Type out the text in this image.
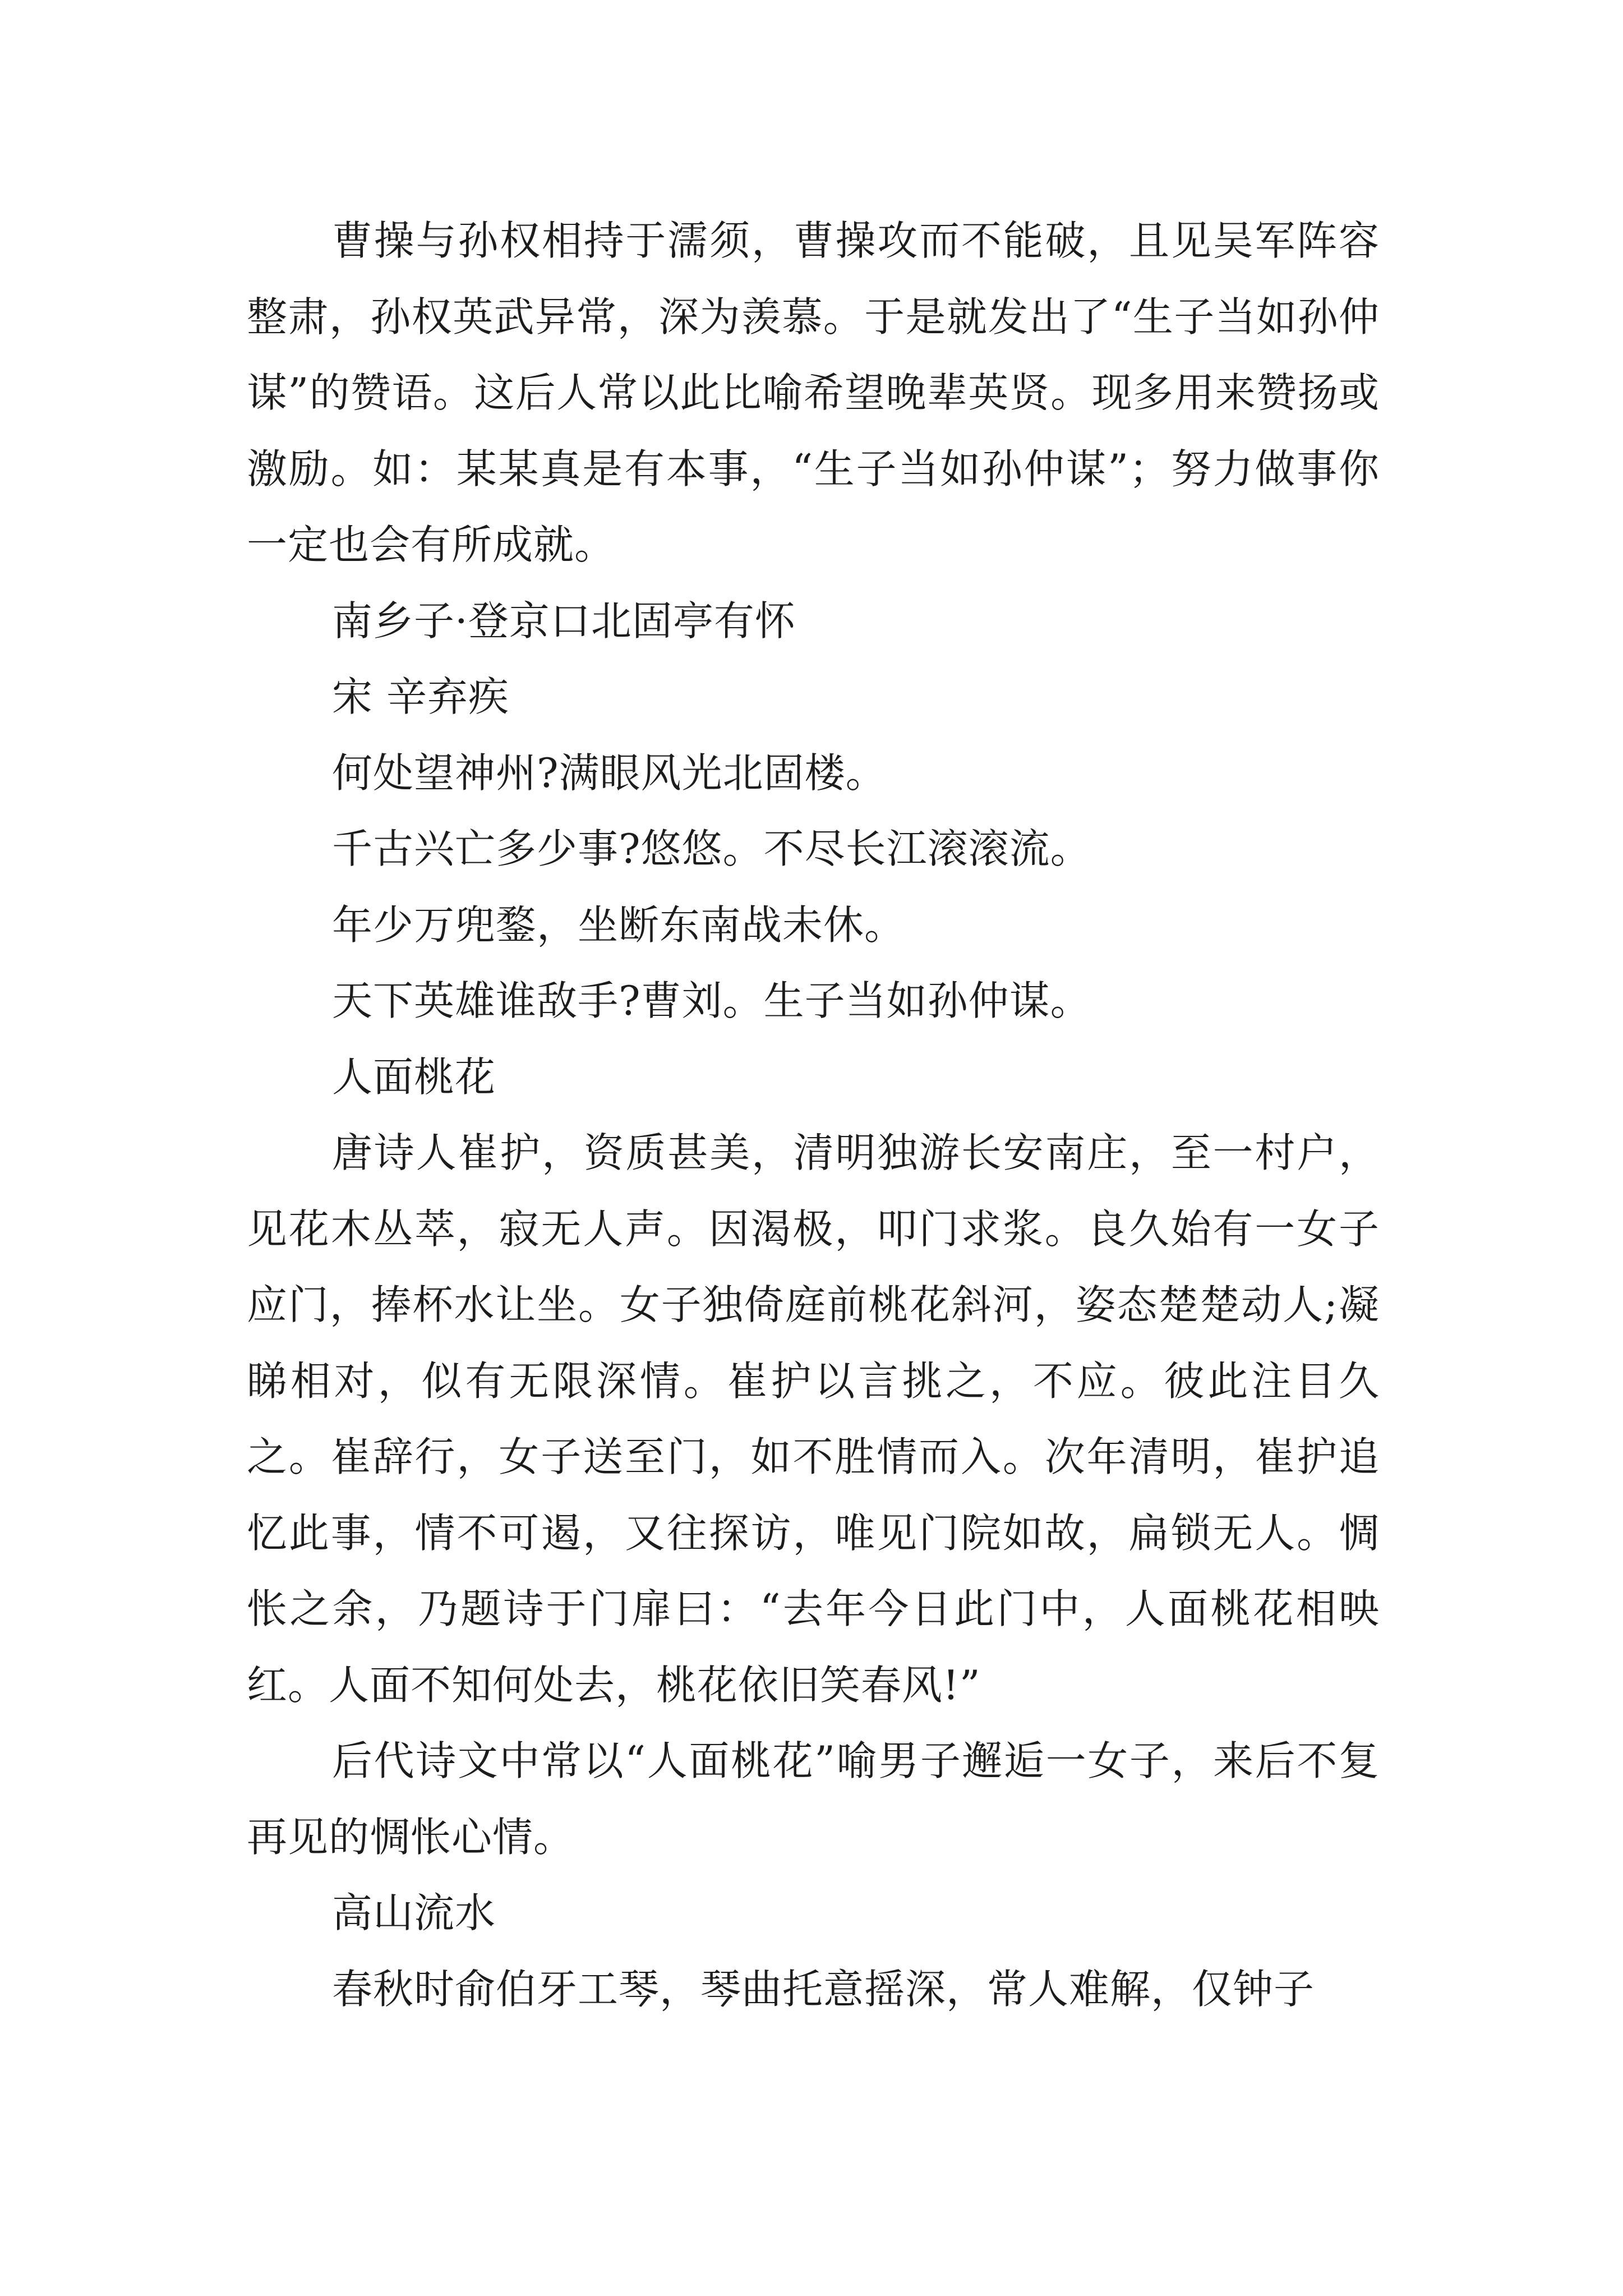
曹操与孙权相持于濡须，曹操攻而不能破，且见吴军阵容整肃，孙权英武异常，深为羡慕。于是就发出了“生子当如孙仲谋”的赞语。这后人常以此比喻希望晚辈英贤。现多用来赞扬或激励。如：某某真是有本事，“生子当如孙仲谋”；努力做事你一定也会有所成就。

南乡子·登京口北固亭有怀

宋 辛弃疾

何处望神州?满眼风光北固楼。

千古兴亡多少事?悠悠。不尽长江滚滚流。

年少万兜鍪，坐断东南战未休。

天下英雄谁敌手?曹刘。生子当如孙仲谋。

人面桃花

唐诗人崔护，资质甚美，清明独游长安南庄，至一村户，见花木丛萃，寂无人声。因渴极，叩门求浆。良久始有一女子应门，捧杯水让坐。女子独倚庭前桃花斜河，姿态楚楚动人;凝睇相对，似有无限深情。崔护以言挑之，不应。彼此注目久之。崔辞行，女子送至门，如不胜情而入。次年清明，崔护追忆此事，情不可遏，又往探访，唯见门院如故，扁锁无人。惆怅之余，乃题诗于门扉曰：“去年今日此门中，人面桃花相映红。人面不知何处去，桃花依旧笑春风!”

后代诗文中常以“人面桃花”喻男子邂逅一女子，来后不复再见的惆怅心情。

高山流水

春秋时俞伯牙工琴，琴曲托意摇深，常人难解，仅钟子
